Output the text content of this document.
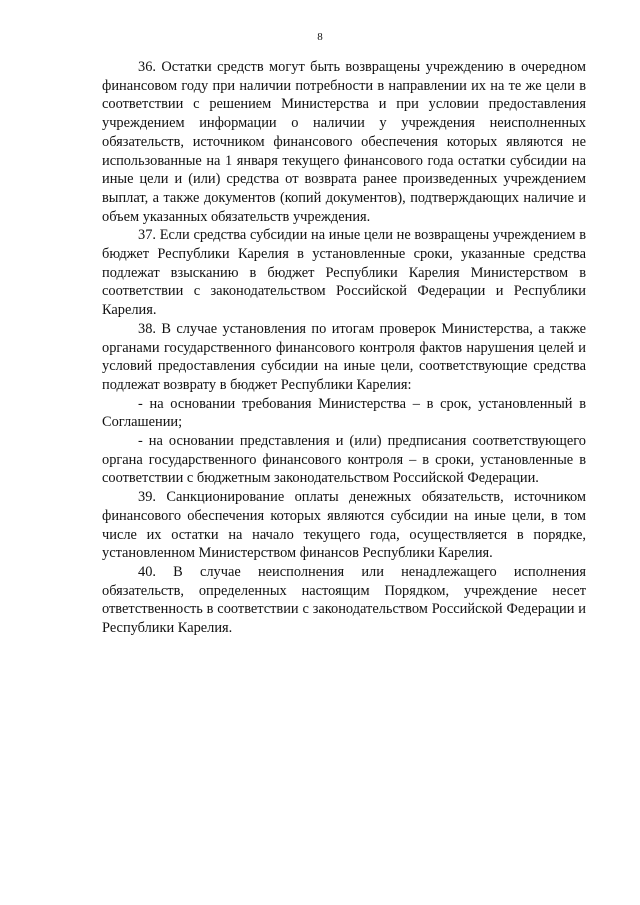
8

36. Остатки средств могут быть возвращены учреждению в очередном финансовом году при наличии потребности в направлении их на те же цели в соответствии с решением Министерства и при условии предоставления учреждением информации о наличии у учреждения неисполненных обязательств, источником финансового обеспечения которых являются не использованные на 1 января текущего финансового года остатки субсидии на иные цели и (или) средства от возврата ранее произведенных учреждением выплат, а также документов (копий документов), подтверждающих наличие и объем указанных обязательств учреждения.

37. Если средства субсидии на иные цели не возвращены учреждением в бюджет Республики Карелия в установленные сроки, указанные средства подлежат взысканию в бюджет Республики Карелия Министерством в соответствии с законодательством Российской Федерации и Республики Карелия.

38. В случае установления по итогам проверок Министерства, а также органами государственного финансового контроля фактов нарушения целей и условий предоставления субсидии на иные цели, соответствующие средства подлежат возврату в бюджет Республики Карелия:

- на основании требования Министерства – в срок, установленный в Соглашении;

- на основании представления и (или) предписания соответствующего органа государственного финансового контроля – в сроки, установленные в соответствии с бюджетным законодательством Российской Федерации.

39. Санкционирование оплаты денежных обязательств, источником финансового обеспечения которых являются субсидии на иные цели, в том числе их остатки на начало текущего года, осуществляется в порядке, установленном Министерством финансов Республики Карелия.

40. В случае неисполнения или ненадлежащего исполнения обязательств, определенных настоящим Порядком, учреждение несет ответственность в соответствии с законодательством Российской Федерации и Республики Карелия.
